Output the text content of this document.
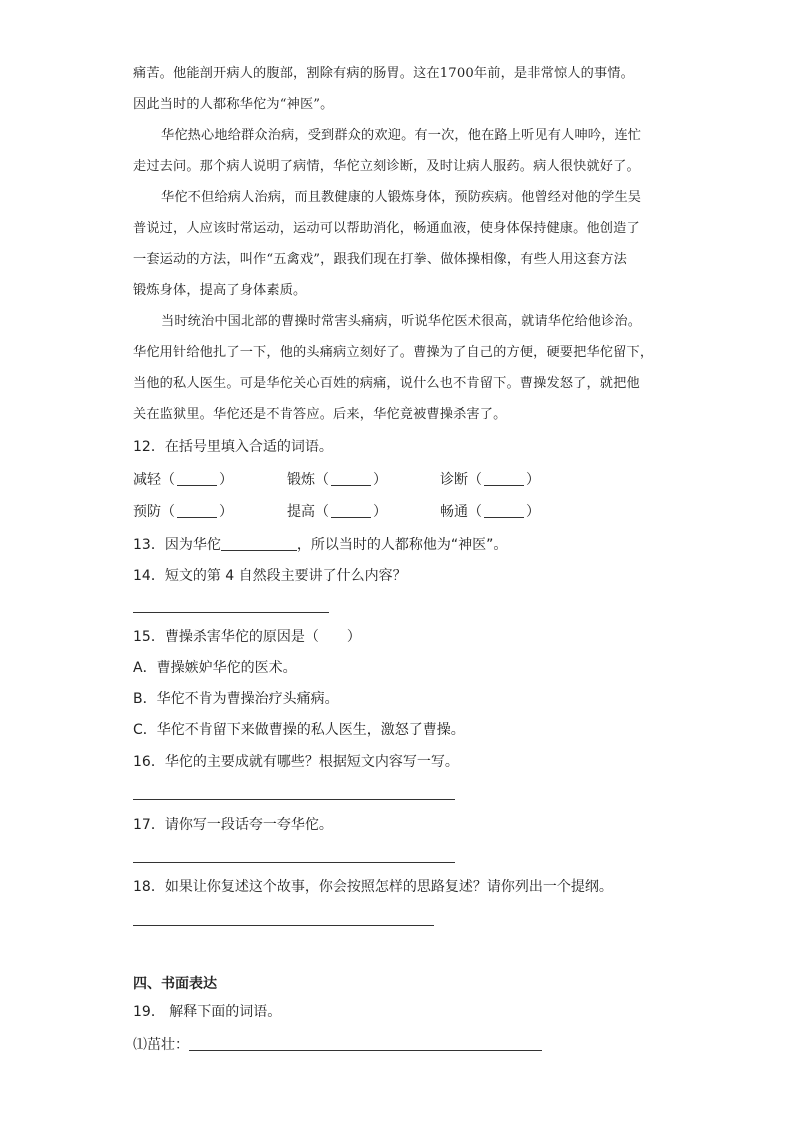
痛苦。他能剖开病人的腹部，割除有病的肠胃。这在1700年前，是非常惊人的事情。
因此当时的人都称华佗为“神医”。
华佗热心地给群众治病，受到群众的欢迎。有一次，他在路上听见有人呻吟，连忙
走过去问。那个病人说明了病情，华佗立刻诊断，及时让病人服药。病人很快就好了。
华佗不但给病人治病，而且教健康的人锻炼身体，预防疾病。他曾经对他的学生吴
普说过，人应该时常运动，运动可以帮助消化，畅通血液，使身体保持健康。他创造了
一套运动的方法，叫作“五禽戏”，跟我们现在打拳、做体操相像，有些人用这套方法
锻炼身体，提高了身体素质。
当时统治中国北部的曹操时常害头痛病，听说华佗医术很高，就请华佗给他诊治。
华佗用针给他扎了一下，他的头痛病立刻好了。曹操为了自己的方便，硬要把华佗留下，
当他的私人医生。可是华佗关心百姓的病痛，说什么也不肯留下。曹操发怒了，就把他
关在监狱里。华佗还是不肯答应。后来，华佗竟被曹操杀害了。
12．在括号里填入合适的词语。
减轻（	）	锻炼（	）	诊断（	）
预防（	）	提高（	）	畅通（	）
13．因为华佗	，所以当时的人都称他为“神医”。
14．短文的第 4 自然段主要讲了什么内容？
15．曹操杀害华佗的原因是（　　）
A．曹操嫉妒华佗的医术。
B．华佗不肯为曹操治疗头痛病。
C．华佗不肯留下来做曹操的私人医生，激怒了曹操。
16．华佗的主要成就有哪些？根据短文内容写一写。
17．请你写一段话夸一夸华佗。
18．如果让你复述这个故事，你会按照怎样的思路复述？请你列出一个提纲。
四、书面表达
19． 解释下面的词语。
⑴茁壮：
